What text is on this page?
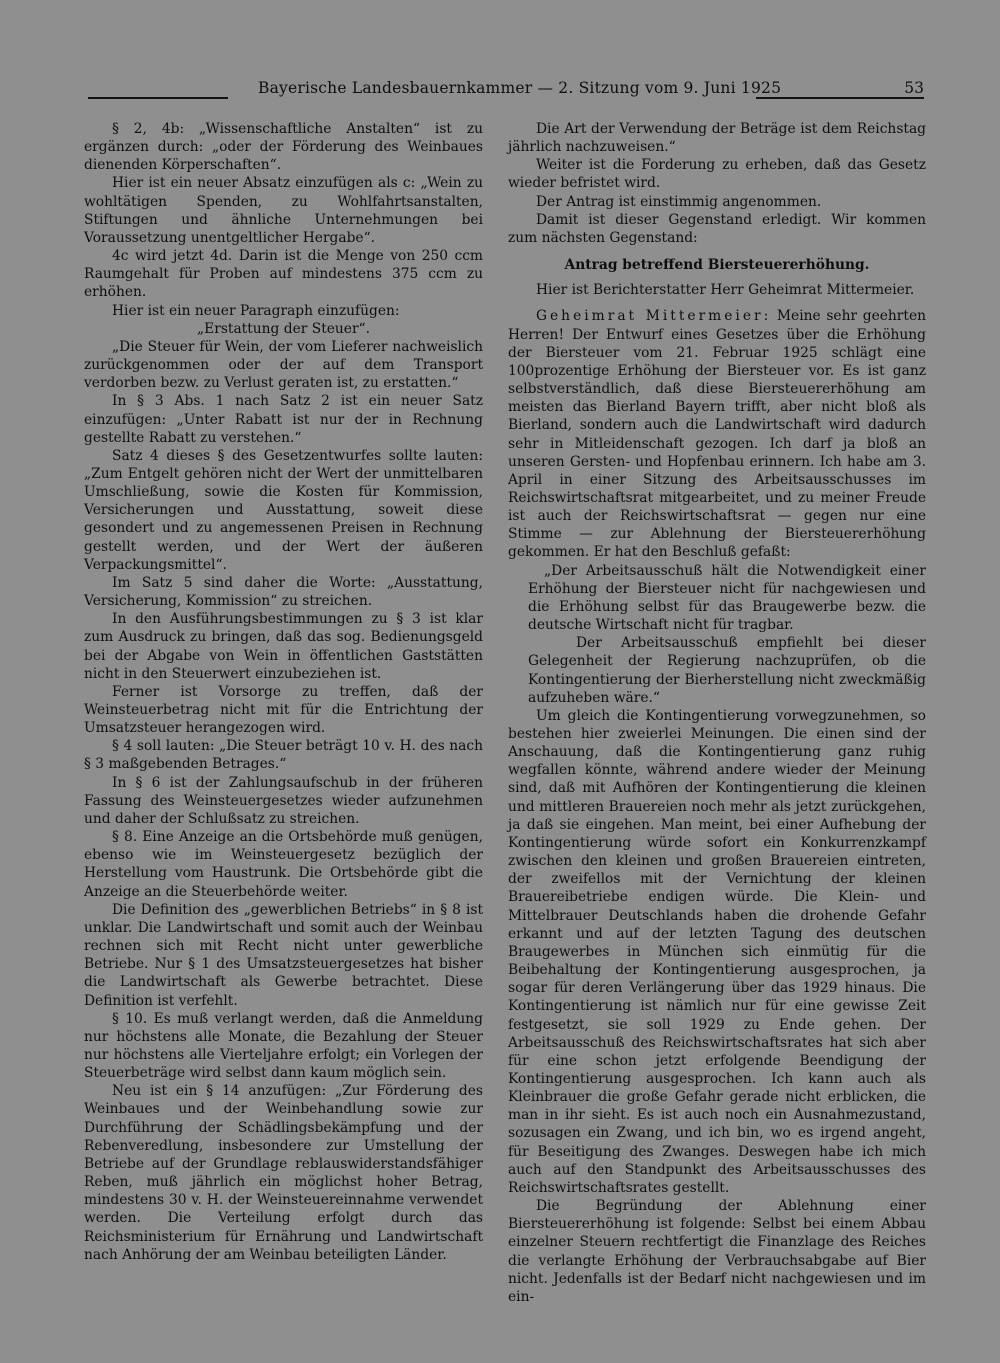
Bayerische Landesbauernkammer — 2. Sitzung vom 9. Juni 1925	53

§ 2, 4b: „Wissenschaftliche Anstalten“ ist zu ergänzen durch: „oder der Förderung des Weinbaues dienenden Körperschaften“.

Hier ist ein neuer Absatz einzufügen als c: „Wein zu wohltätigen Spenden, zu Wohlfahrtsanstalten, Stiftungen und ähnliche Unternehmungen bei Voraussetzung unentgeltlicher Hergabe“.

4c wird jetzt 4d. Darin ist die Menge von 250 ccm Raumgehalt für Proben auf mindestens 375 ccm zu erhöhen.

Hier ist ein neuer Paragraph einzufügen:

„Erstattung der Steuer“.

„Die Steuer für Wein, der vom Lieferer nachweislich zurückgenommen oder der auf dem Transport verdorben bezw. zu Verlust geraten ist, zu erstatten.“

In § 3 Abs. 1 nach Satz 2 ist ein neuer Satz einzufügen: „Unter Rabatt ist nur der in Rechnung gestellte Rabatt zu verstehen.“

Satz 4 dieses § des Gesetzentwurfes sollte lauten: „Zum Entgelt gehören nicht der Wert der unmittelbaren Umschließung, sowie die Kosten für Kommission, Versicherungen und Ausstattung, soweit diese gesondert und zu angemessenen Preisen in Rechnung gestellt werden, und der Wert der äußeren Verpackungsmittel“.

Im Satz 5 sind daher die Worte: „Ausstattung, Versicherung, Kommission“ zu streichen.

In den Ausführungsbestimmungen zu § 3 ist klar zum Ausdruck zu bringen, daß das sog. Bedienungsgeld bei der Abgabe von Wein in öffentlichen Gaststätten nicht in den Steuerwert einzubeziehen ist.

Ferner ist Vorsorge zu treffen, daß der Weinsteuerbetrag nicht mit für die Entrichtung der Umsatzsteuer herangezogen wird.

§ 4 soll lauten: „Die Steuer beträgt 10 v. H. des nach § 3 maßgebenden Betrages.“

In § 6 ist der Zahlungsaufschub in der früheren Fassung des Weinsteuergesetzes wieder aufzunehmen und daher der Schlußsatz zu streichen.

§ 8. Eine Anzeige an die Ortsbehörde muß genügen, ebenso wie im Weinsteuergesetz bezüglich der Herstellung vom Haustrunk. Die Ortsbehörde gibt die Anzeige an die Steuerbehörde weiter.

Die Definition des „gewerblichen Betriebs“ in § 8 ist unklar. Die Landwirtschaft und somit auch der Weinbau rechnen sich mit Recht nicht unter gewerbliche Betriebe. Nur § 1 des Umsatzsteuergesetzes hat bisher die Landwirtschaft als Gewerbe betrachtet. Diese Definition ist verfehlt.

§ 10. Es muß verlangt werden, daß die Anmeldung nur höchstens alle Monate, die Bezahlung der Steuer nur höchstens alle Vierteljahre erfolgt; ein Vorlegen der Steuerbeträge wird selbst dann kaum möglich sein.

Neu ist ein § 14 anzufügen: „Zur Förderung des Weinbaues und der Weinbehandlung sowie zur Durchführung der Schädlingsbekämpfung und der Rebenveredlung, insbesondere zur Umstellung der Betriebe auf der Grundlage reblauswiderstandsfähiger Reben, muß jährlich ein möglichst hoher Betrag, mindestens 30 v. H. der Weinsteuereinnahme verwendet werden. Die Verteilung erfolgt durch das Reichsministerium für Ernährung und Landwirtschaft nach Anhörung der am Weinbau beteiligten Länder.

Die Art der Verwendung der Beträge ist dem Reichstag jährlich nachzuweisen.“

Weiter ist die Forderung zu erheben, daß das Gesetz wieder befristet wird.

Der Antrag ist einstimmig angenommen.

Damit ist dieser Gegenstand erledigt. Wir kommen zum nächsten Gegenstand:

Antrag betreffend Biersteuererhöhung.

Hier ist Berichterstatter Herr Geheimrat Mittermeier.

Geheimrat Mittermeier: Meine sehr geehrten Herren! Der Entwurf eines Gesetzes über die Erhöhung der Biersteuer vom 21. Februar 1925 schlägt eine 100prozentige Erhöhung der Biersteuer vor. Es ist ganz selbstverständlich, daß diese Biersteuererhöhung am meisten das Bierland Bayern trifft, aber nicht bloß als Bierland, sondern auch die Landwirtschaft wird dadurch sehr in Mitleidenschaft gezogen. Ich darf ja bloß an unseren Gersten- und Hopfenbau erinnern. Ich habe am 3. April in einer Sitzung des Arbeitsausschusses im Reichswirtschaftsrat mitgearbeitet, und zu meiner Freude ist auch der Reichswirtschaftsrat — gegen nur eine Stimme — zur Ablehnung der Biersteuererhöhung gekommen. Er hat den Beschluß gefaßt:

„Der Arbeitsausschuß hält die Notwendigkeit einer Erhöhung der Biersteuer nicht für nachgewiesen und die Erhöhung selbst für das Braugewerbe bezw. die deutsche Wirtschaft nicht für tragbar.

Der Arbeitsausschuß empfiehlt bei dieser Gelegenheit der Regierung nachzuprüfen, ob die Kontingentierung der Bierherstellung nicht zweckmäßig aufzuheben wäre.“

Um gleich die Kontingentierung vorwegzunehmen, so bestehen hier zweierlei Meinungen. Die einen sind der Anschauung, daß die Kontingentierung ganz ruhig wegfallen könnte, während andere wieder der Meinung sind, daß mit Aufhören der Kontingentierung die kleinen und mittleren Brauereien noch mehr als jetzt zurückgehen, ja daß sie eingehen. Man meint, bei einer Aufhebung der Kontingentierung würde sofort ein Konkurrenzkampf zwischen den kleinen und großen Brauereien eintreten, der zweifellos mit der Vernichtung der kleinen Brauereibetriebe endigen würde. Die Klein- und Mittelbrauer Deutschlands haben die drohende Gefahr erkannt und auf der letzten Tagung des deutschen Braugewerbes in München sich einmütig für die Beibehaltung der Kontingentierung ausgesprochen, ja sogar für deren Verlängerung über das 1929 hinaus. Die Kontingentierung ist nämlich nur für eine gewisse Zeit festgesetzt, sie soll 1929 zu Ende gehen. Der Arbeitsausschuß des Reichswirtschaftsrates hat sich aber für eine schon jetzt erfolgende Beendigung der Kontingentierung ausgesprochen. Ich kann auch als Kleinbrauer die große Gefahr gerade nicht erblicken, die man in ihr sieht. Es ist auch noch ein Ausnahmezustand, sozusagen ein Zwang, und ich bin, wo es irgend angeht, für Beseitigung des Zwanges. Deswegen habe ich mich auch auf den Standpunkt des Arbeitsausschusses des Reichswirtschaftsrates gestellt.

Die Begründung der Ablehnung einer Biersteuererhöhung ist folgende: Selbst bei einem Abbau einzelner Steuern rechtfertigt die Finanzlage des Reiches die verlangte Erhöhung der Verbrauchsabgabe auf Bier nicht. Jedenfalls ist der Bedarf nicht nachgewiesen und im ein-
